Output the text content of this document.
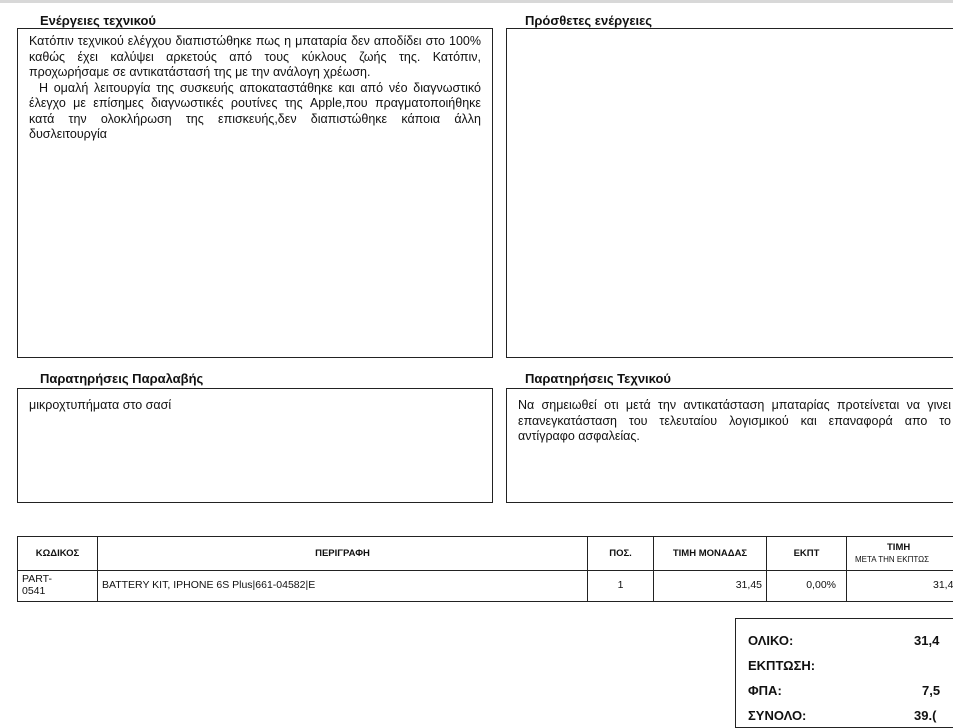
Ενέργειες τεχνικού

Κατόπιν τεχνικού ελέγχου διαπιστώθηκε πως η μπαταρία δεν αποδίδει στο 100% καθώς έχει καλύψει αρκετούς από τους κύκλους ζωής της. Κατόπιν, προχωρήσαμε σε αντικατάστασή της με την ανάλογη χρέωση.

Η ομαλή λειτουργία της συσκευής αποκαταστάθηκε και από νέο διαγνωστικό έλεγχο με επίσημες διαγνωστικές ρουτίνες της Apple,που πραγματοποιήθηκε κατά την ολοκλήρωση της επισκευής,δεν διαπιστώθηκε κάποια άλλη δυσλειτουργία

Πρόσθετες ενέργειες
Παρατηρήσεις Παραλαβής
μικροχτυπήματα στο σασί
Παρατηρήσεις Τεχνικού
Να σημειωθεί οτι μετά την αντικατάσταση μπαταρίας προτείνεται να γινει επανεγκατάσταση του τελευταίου λογισμικού και επαναφορά απο το αντίγραφο ασφαλείας.
ΚΩΔΙΚΟΣ	ΠΕΡΙΓΡΑΦΗ	ΠΟΣ.	ΤΙΜΗ ΜΟΝΑΔΑΣ	ΕΚΠΤ	ΤΙΜΗ
ΜΕΤΑ ΤΗΝ ΕΚΠΤΩΣ

PART-
0541	BATTERY KIT, IPHONE 6S Plus|661-04582|E	1	31,45	0,00%	31,4
ΟΛΙΚΟ:	31,4
ΕΚΠΤΩΣΗ:
ΦΠΑ:	7,5
ΣΥΝΟΛΟ:	39.(
